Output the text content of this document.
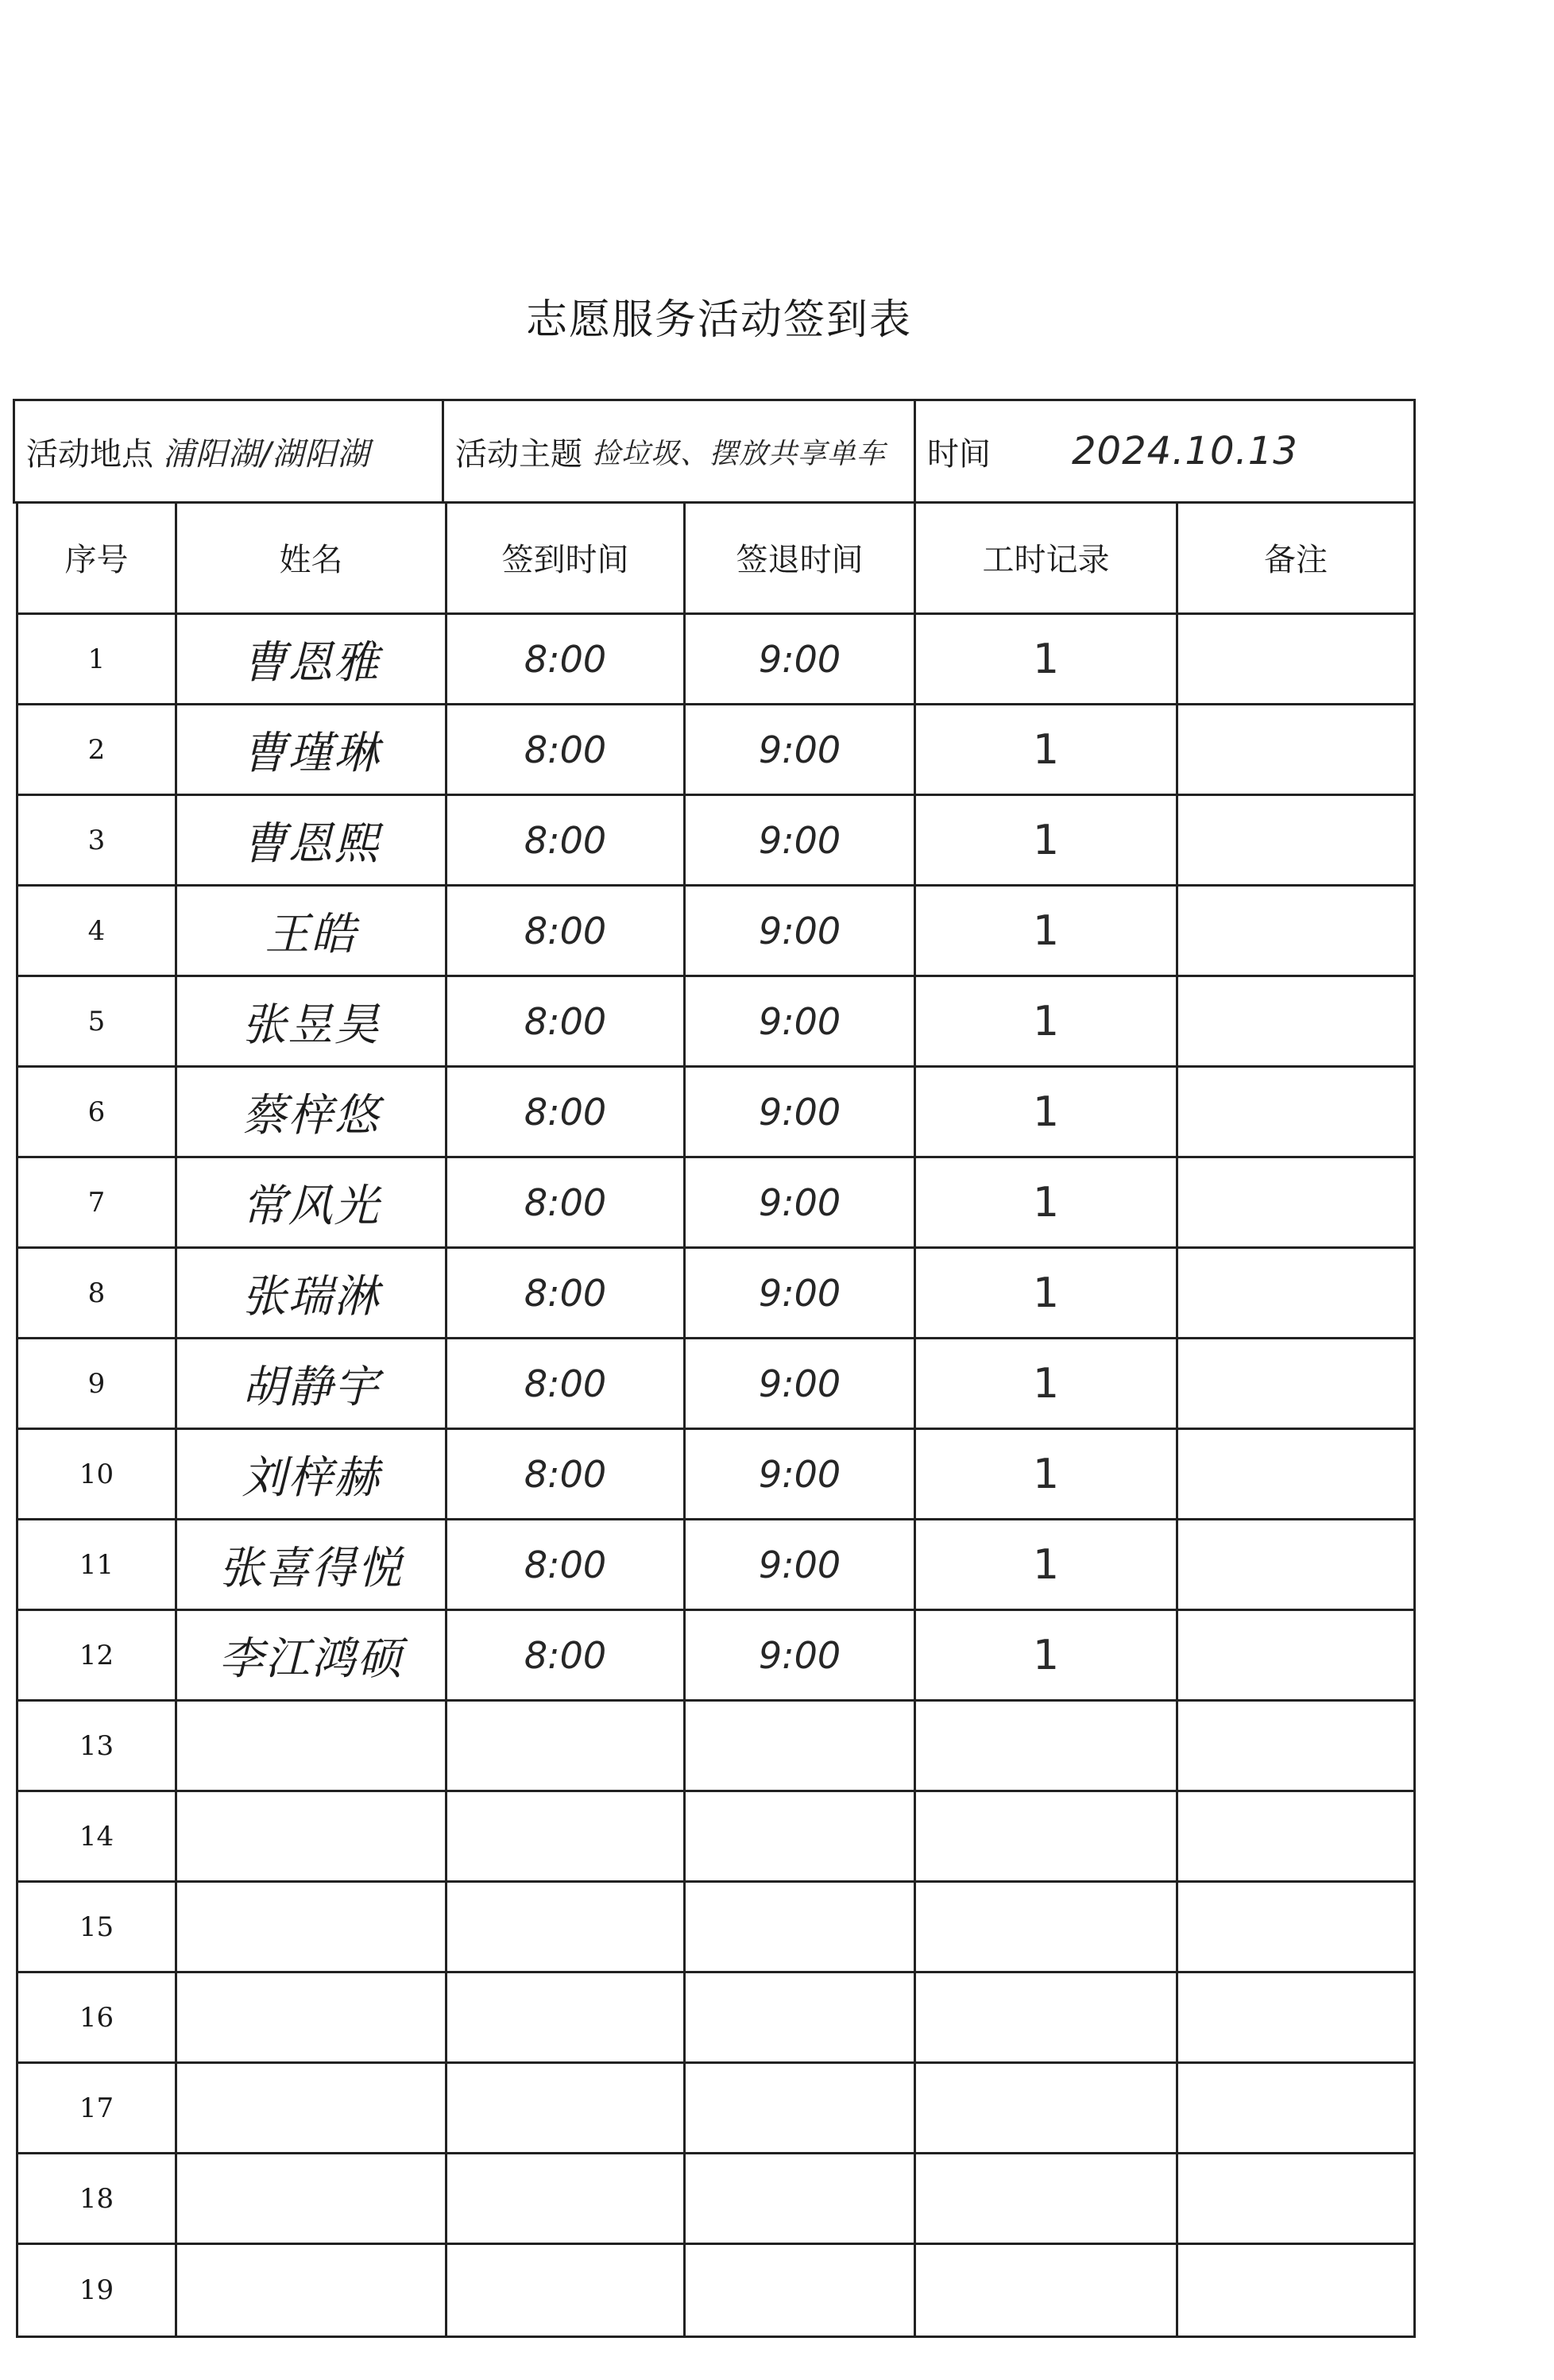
志愿服务活动签到表
活动地点 浦阳湖/湖阳湖	活动主题 捡垃圾、摆放共享单车 时间 2024.10.13
序号	姓名	签到时间	签退时间	工时记录	备注
1	曹恩雅	8:00	9:00	1
2	曹瑾琳	8:00	9:00	1
3	曹恩熙	8:00	9:00	1
4	王皓	8:00	9:00	1
5	张昱昊	8:00	9:00	1
6	蔡梓悠	8:00	9:00	1
7	常风光	8:00	9:00	1
8	张瑞淋	8:00	9:00	1
9	胡静宇	8:00	9:00	1
10	刘梓赫	8:00	9:00	1
11	张喜得悦	8:00	9:00	1
12	李江鸿硕	8:00	9:00	1
13
14
15
16
17
18
19
